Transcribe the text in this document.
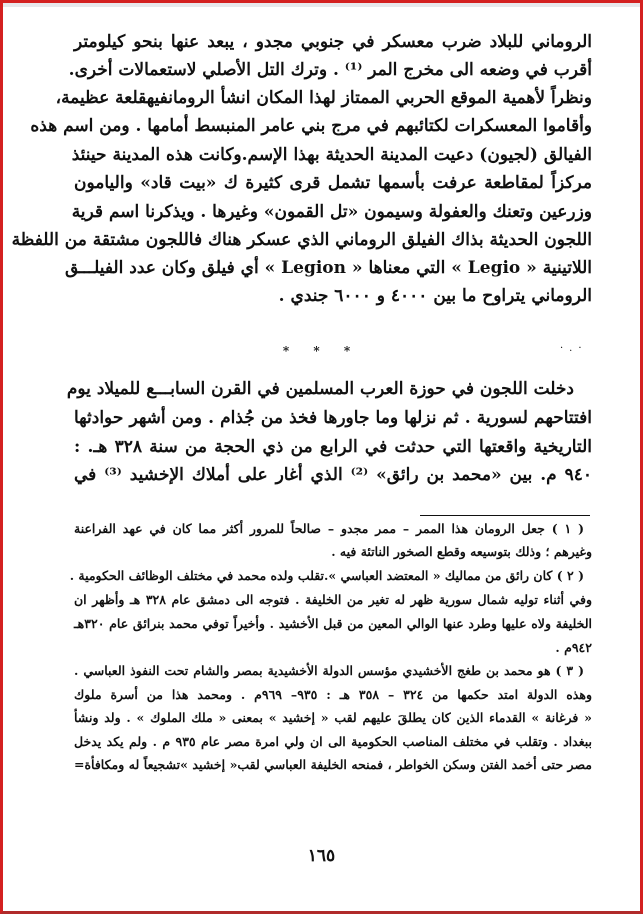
الروماني للبلاد ضرب معسكر في جنوبي مجدو ، يبعد عنها بنحو كيلومتر
أقرب في وضعه الى مخرج المر ⁽¹⁾ . وترك التل الأصلي لاستعمالات أخرى.
ونظراً لأهمية الموقع الحربي الممتاز لهذا المكان انشأ الرومانفيهقلعة عظيمة،
وأقاموا المعسكرات لكتائبهم في مرج بني عامر المنبسط أمامها . ومن اسم هذه
الفيالق (لجيون) دعيت المدينة الحديثة بهذا الإسم.وكانت هذه المدينة حينئذ
مركزاً لمقاطعة عرفت بأسمها تشمل قرى كثيرة ك «بيت قاد» واليامون
وزرعين وتعنك والعفولة وسيمون «تل القمون» وغيرها . ويذكرنا اسم قرية
اللجون الحديثة بذاك الفيلق الروماني الذي عسكر هناك فاللجون مشتقة من اللفظة
اللاتينية « Legio » التي معناها « Legion » أي فيلق وكان عدد الفيلـــق
الروماني يتراوح ما بين ٤٠٠٠ و ٦٠٠٠ جندي .
·.·
* * *
دخلت اللجون في حوزة العرب المسلمين في القرن السابـــع للميلاد يوم
افتتاحهم لسورية . ثم نزلها وما جاورها فخذ من جُذام . ومن أشهر حوادثها
التاريخية واقعتها التي حدثت في الرابع من ذي الحجة من سنة ٣٢٨ هـ. :
٩٤٠ م. بين «محمد بن رائق» ⁽²⁾ الذي أغار على أملاك الإخشيد ⁽³⁾ في
( ١ ) جعل الرومان هذا الممر – ممر مجدو – صالحاً للمرور أكثر مما كان في عهد الفراعنة
وغيرهم ؛ وذلك بتوسيعه وقطع الصخور الناتئة فيه .
( ٢ ) كان رائق من مماليك « المعتضد العباسي ».تقلب ولده محمد في مختلف الوظائف الحكومية .
وفي أثناء توليه شمال سورية ظهر له تغير من الخليفة . فتوجه الى دمشق عام ٣٢٨ هـ وأظهر ان
الخليفة ولاه عليها وطرد عنها الوالي المعين من قبل الأخشيد . وأخيراً توفي محمد بنرائق عام ٣٢٠هـ
٩٤٢م .
( ٣ ) هو محمد بن طغج الأخشيدي مؤسس الدولة الأخشيدية بمصر والشام تحت النفوذ العباسي .
وهذه الدولة امتد حكمها من ٣٢٤ – ٣٥٨ هـ : ٩٣٥– ٩٦٩م . ومحمد هذا من أسرة ملوك
« فرغانة » القدماء الذين كان يطلقَ عليهم لقب « إخشيد » بمعنى « ملك الملوك » . ولد ونشأ
ببغداد . وتقلب في مختلف المناصب الحكومية الى ان ولي امرة مصر عام ٩٣٥ م . ولم يكد يدخل
مصر حتى أخمد الفتن وسكن الخواطر ، فمنحه الخليفة العباسي لقب« إخشيد »تشجيعاً له ومكافأة=
١٦٥
